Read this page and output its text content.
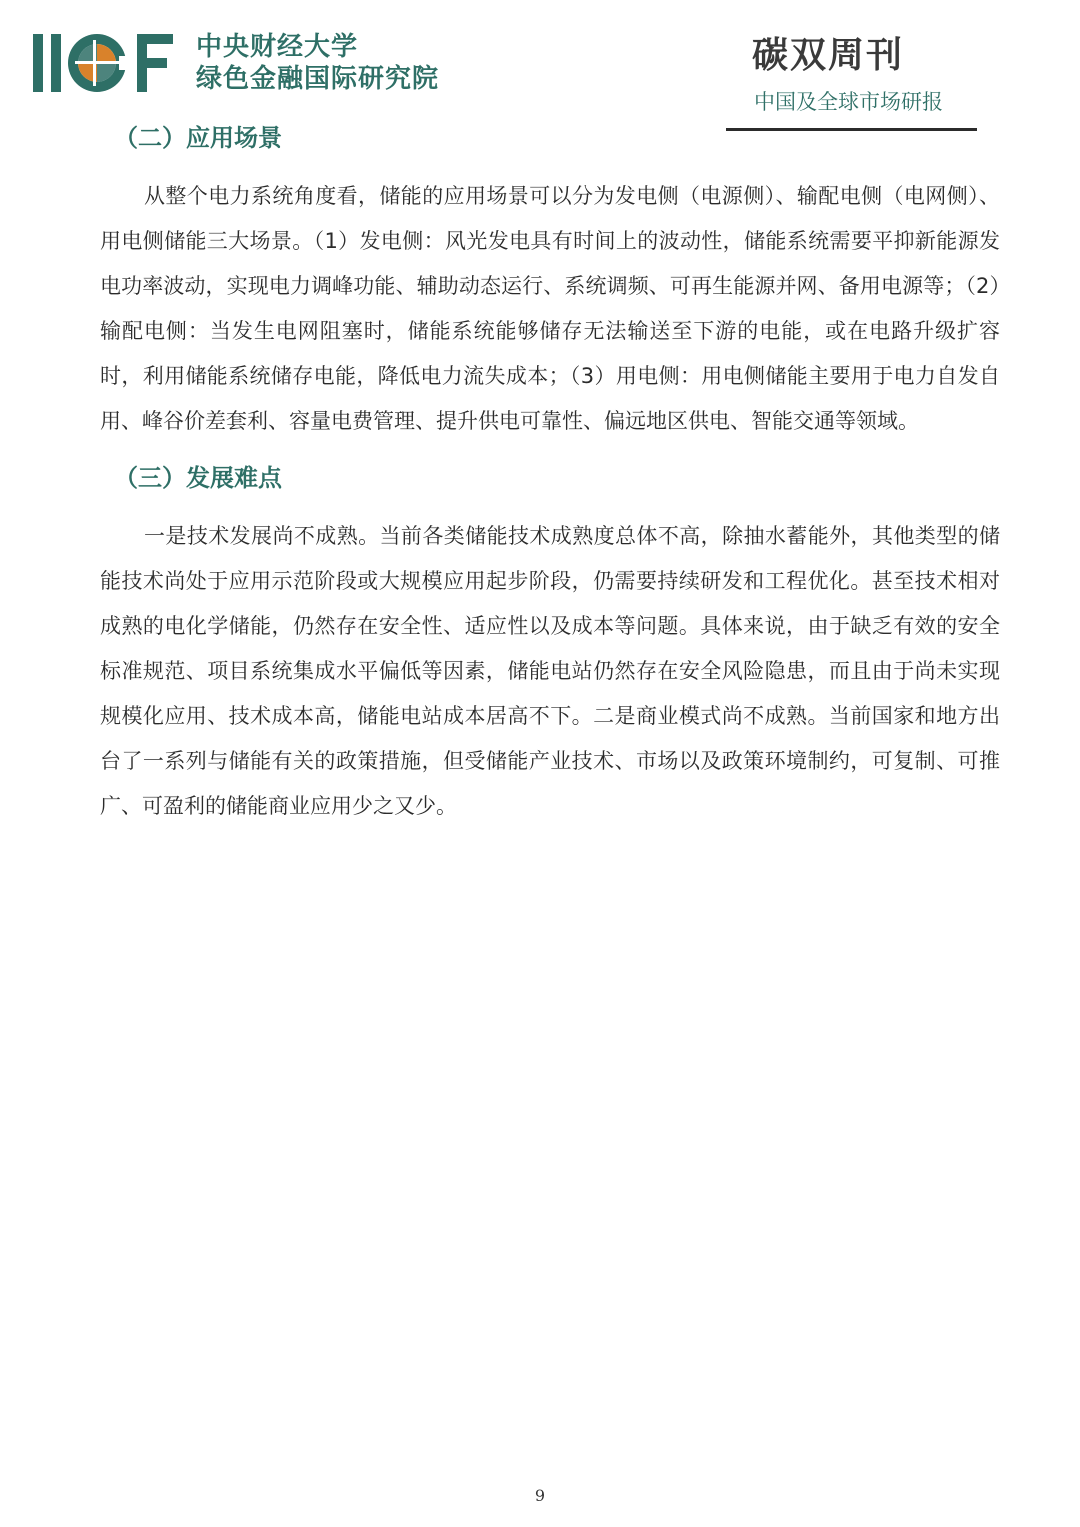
中央财经大学
绿色金融国际研究院
碳双周刊
中国及全球市场研报
（二）应用场景

从整个电力系统角度看，储能的应用场景可以分为发电侧（电源侧）、输配电侧（电网侧）、用电侧储能三大场景。（1）发电侧：风光发电具有时间上的波动性，储能系统需要平抑新能源发电功率波动，实现电力调峰功能、辅助动态运行、系统调频、可再生能源并网、备用电源等；（2）输配电侧：当发生电网阻塞时，储能系统能够储存无法输送至下游的电能，或在电路升级扩容时，利用储能系统储存电能，降低电力流失成本；（3）用电侧：用电侧储能主要用于电力自发自用、峰谷价差套利、容量电费管理、提升供电可靠性、偏远地区供电、智能交通等领域。

（三）发展难点

一是技术发展尚不成熟。当前各类储能技术成熟度总体不高，除抽水蓄能外，其他类型的储能技术尚处于应用示范阶段或大规模应用起步阶段，仍需要持续研发和工程优化。甚至技术相对成熟的电化学储能，仍然存在安全性、适应性以及成本等问题。具体来说，由于缺乏有效的安全标准规范、项目系统集成水平偏低等因素，储能电站仍然存在安全风险隐患，而且由于尚未实现规模化应用、技术成本高，储能电站成本居高不下。二是商业模式尚不成熟。当前国家和地方出台了一系列与储能有关的政策措施，但受储能产业技术、市场以及政策环境制约，可复制、可推广、可盈利的储能商业应用少之又少。

9
